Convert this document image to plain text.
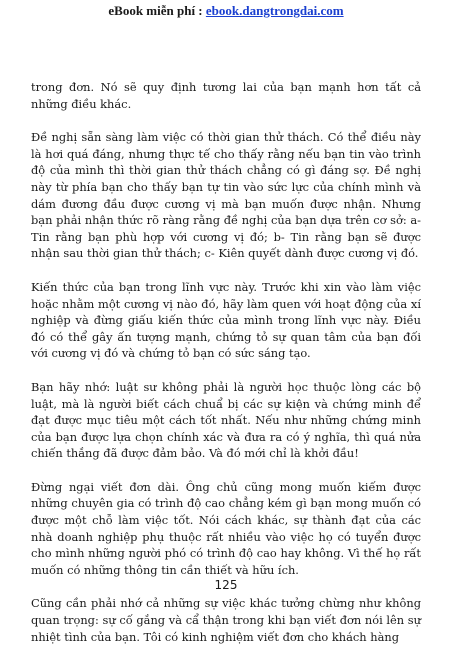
eBook miễn phí : ebook.dangtrongdai.com

trong đơn. Nó sẽ quy định tương lai của bạn mạnh hơn tất cả những điều khác.

Đề nghị sẵn sàng làm việc có thời gian thử thách. Có thể điều này là hơi quá đáng, nhưng thực tế cho thấy rằng nếu bạn tin vào trình độ của mình thì thời gian thử thách chẳng có gì đáng sợ. Đề nghị này từ phía bạn cho thấy bạn tự tin vào sức lực của chính mình và dám đương đầu được cương vị mà bạn muốn được nhận. Nhưng bạn phải nhận thức rõ ràng rằng đề nghị của bạn dựa trên cơ sở: a-Tin rằng bạn phù hợp với cương vị đó; b- Tin rằng bạn sẽ được nhận sau thời gian thử thách; c- Kiên quyết dành được cương vị đó.

Kiến thức của bạn trong lĩnh vực này. Trước khi xin vào làm việc hoặc nhằm một cương vị nào đó, hãy làm quen với hoạt động của xí nghiệp và đừng giấu kiến thức của mình trong lĩnh vực này. Điều đó có thể gây ấn tượng mạnh, chứng tỏ sự quan tâm của bạn đối với cương vị đó và chứng tỏ bạn có sức sáng tạo.

Bạn hãy nhớ: luật sư không phải là người học thuộc lòng các bộ luật, mà là người biết cách chuẩ bị các sự kiện và chứng minh để đạt được mục tiêu một cách tốt nhất. Nếu như những chứng minh của bạn được lựa chọn chính xác và đưa ra có ý nghĩa, thì quá nửa chiến thắng đã được đảm bảo. Và đó mới chỉ là khởi đầu!

Đừng ngại viết đơn dài. Ông chủ cũng mong muốn kiếm được những chuyên gia có trình độ cao chẳng kém gì bạn mong muốn có được một chỗ làm việc tốt. Nói cách khác, sự thành đạt của các nhà doanh nghiệp phụ thuộc rất nhiều vào việc họ có tuyển được cho mình những người phó có trình độ cao hay không. Vì thế họ rất muốn có những thông tin cần thiết và hữu ích.

Cũng cần phải nhớ cả những sự việc khác tưởng chừng như không quan trọng: sự cố gắng và cẩ thận trong khi bạn viết đơn nói lên sự nhiệt tình của bạn. Tôi có kinh nghiệm viết đơn cho khách hàng

125
